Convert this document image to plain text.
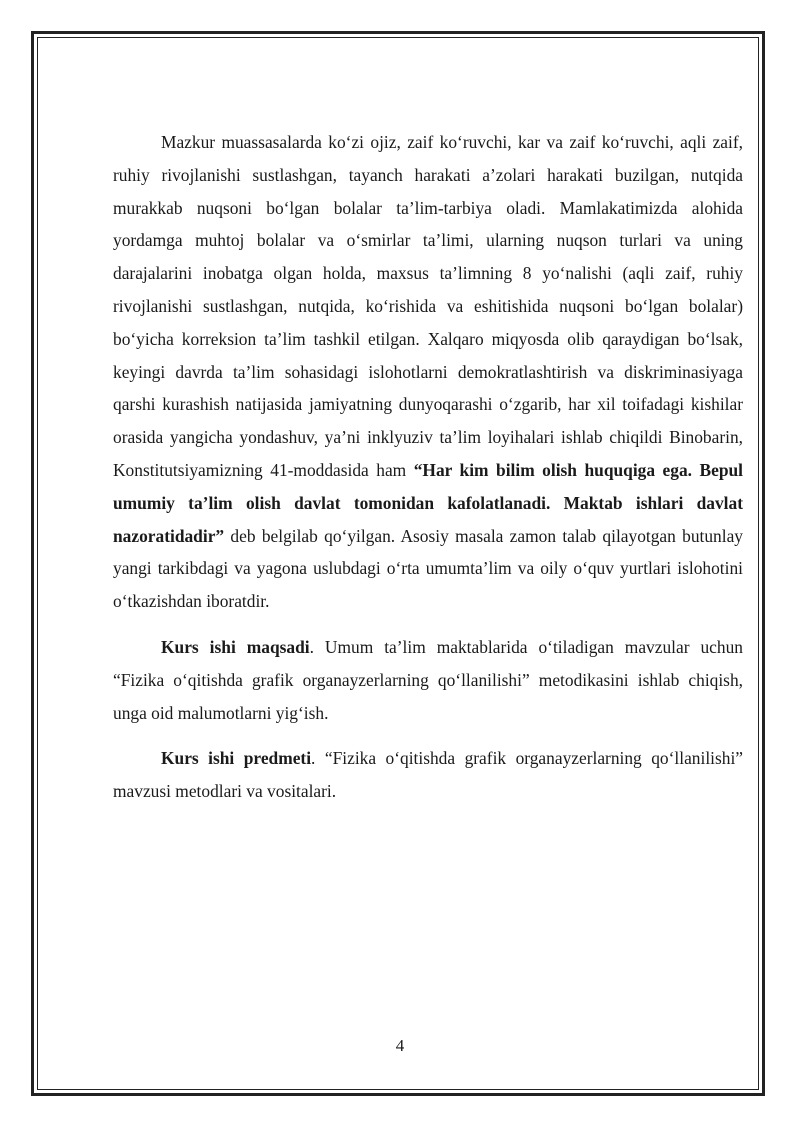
Mazkur muassasalarda ko‘zi ojiz, zaif ko‘ruvchi, kar va zaif ko‘ruvchi, aqli zaif, ruhiy rivojlanishi sustlashgan, tayanch harakati a’zolari harakati buzilgan, nutqida murakkab nuqsoni bo‘lgan bolalar ta’lim-tarbiya oladi. Mamlakatimizda alohida yordamga muhtoj bolalar va o‘smirlar ta’limi, ularning nuqson turlari va uning darajalarini inobatga olgan holda, maxsus ta’limning 8 yo‘nalishi (aqli zaif, ruhiy rivojlanishi sustlashgan, nutqida, ko‘rishida va eshitishida nuqsoni bo‘lgan bolalar) bo‘yicha korreksion ta’lim tashkil etilgan. Xalqaro miqyosda olib qaraydigan bo‘lsak, keyingi davrda ta’lim sohasidagi islohotlarni demokratlashtirish va diskriminasiyaga qarshi kurashish natijasida jamiyatning dunyoqarashi o‘zgarib, har xil toifadagi kishilar orasida yangicha yondashuv, ya’ni inklyuziv ta’lim loyihalari ishlab chiqildi Binobarin, Konstitutsiyamizning 41-moddasida ham “Har kim bilim olish huquqiga ega. Bepul umumiy ta’lim olish davlat tomonidan kafolatlanadi. Maktab ishlari davlat nazoratidadir” deb belgilab qo‘yilgan. Asosiy masala zamon talab qilayotgan butunlay yangi tarkibdagi va yagona uslubdagi o‘rta umumta’lim va oily o‘quv yurtlari islohotini o‘tkazishdan iboratdir.

Kurs ishi maqsadi. Umum ta’lim maktablarida o‘tiladigan mavzular uchun “Fizika o‘qitishda grafik organayzerlarning qo‘llanilishi” metodikasini ishlab chiqish, unga oid malumotlarni yig‘ish.

Kurs ishi predmeti. “Fizika o‘qitishda grafik organayzerlarning qo‘llanilishi” mavzusi metodlari va vositalari.

4
